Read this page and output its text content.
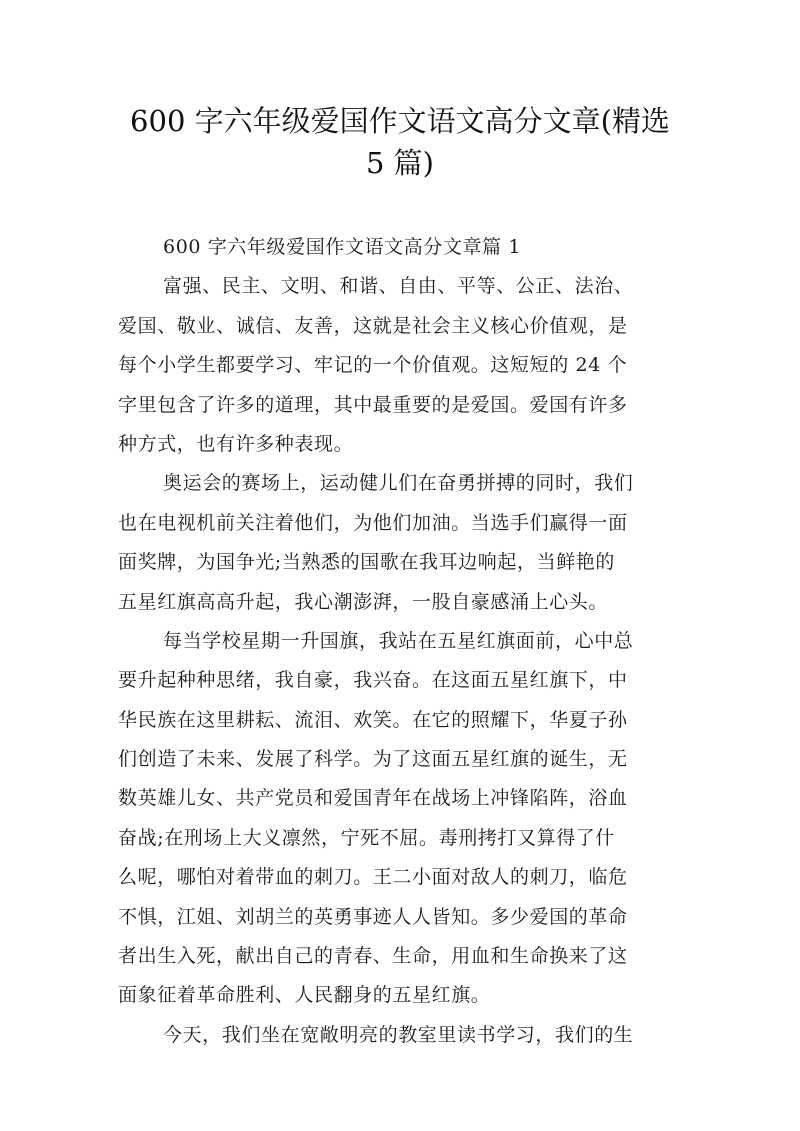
600 字六年级爱国作文语文高分文章(精选
5 篇)
600 字六年级爱国作文语文高分文章篇 1
富强、民主、文明、和谐、自由、平等、公正、法治、
爱国、敬业、诚信、友善，这就是社会主义核心价值观，是
每个小学生都要学习、牢记的一个价值观。这短短的 24 个
字里包含了许多的道理，其中最重要的是爱国。爱国有许多
种方式，也有许多种表现。
奥运会的赛场上，运动健儿们在奋勇拼搏的同时，我们
也在电视机前关注着他们，为他们加油。当选手们赢得一面
面奖牌，为国争光;当熟悉的国歌在我耳边响起，当鲜艳的
五星红旗高高升起，我心潮澎湃，一股自豪感涌上心头。
每当学校星期一升国旗，我站在五星红旗面前，心中总
要升起种种思绪，我自豪，我兴奋。在这面五星红旗下，中
华民族在这里耕耘、流泪、欢笑。在它的照耀下，华夏子孙
们创造了未来、发展了科学。为了这面五星红旗的诞生，无
数英雄儿女、共产党员和爱国青年在战场上冲锋陷阵，浴血
奋战;在刑场上大义凛然，宁死不屈。毒刑拷打又算得了什
么呢，哪怕对着带血的刺刀。王二小面对敌人的刺刀，临危
不惧，江姐、刘胡兰的英勇事迹人人皆知。多少爱国的革命
者出生入死，献出自己的青春、生命，用血和生命换来了这
面象征着革命胜利、人民翻身的五星红旗。
今天，我们坐在宽敞明亮的教室里读书学习，我们的生
